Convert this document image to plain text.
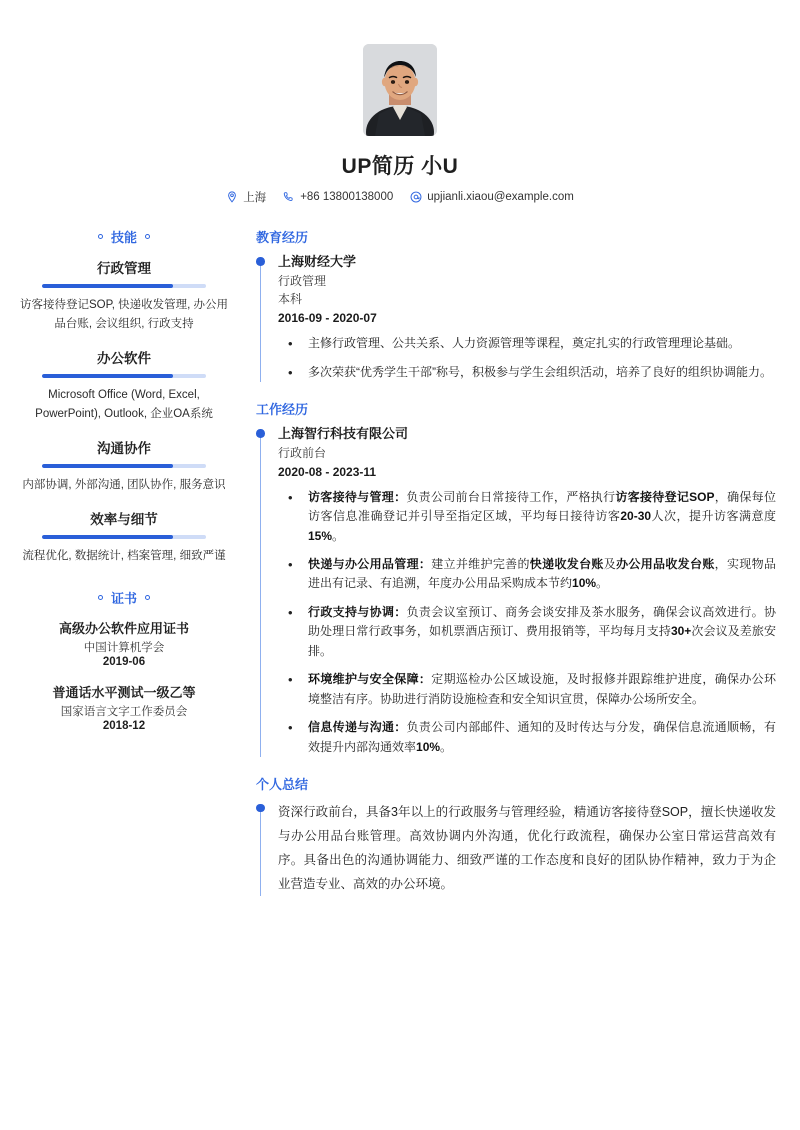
UP简历 小U
上海	+86 13800138000	upjianli.xiaou@example.com
技能
行政管理
访客接待登记SOP, 快递收发管理, 办公用品台账, 会议组织, 行政支持
办公软件
Microsoft Office (Word, Excel, PowerPoint), Outlook, 企业OA系统
沟通协作
内部协调, 外部沟通, 团队协作, 服务意识
效率与细节
流程优化, 数据统计, 档案管理, 细致严谨
证书
高级办公软件应用证书
中国计算机学会
2019-06
普通话水平测试一级乙等
国家语言文字工作委员会
2018-12
教育经历
上海财经大学
行政管理
本科
2016-09 - 2020-07
• 主修行政管理、公共关系、人力资源管理等课程，奠定扎实的行政管理理论基础。
• 多次荣获“优秀学生干部”称号，积极参与学生会组织活动，培养了良好的组织协调能力。
工作经历
上海智行科技有限公司
行政前台
2020-08 - 2023-11
• 访客接待与管理：负责公司前台日常接待工作，严格执行访客接待登记SOP，确保每位访客信息准确登记并引导至指定区域，平均每日接待访客20-30人次，提升访客满意度15%。
• 快递与办公用品管理：建立并维护完善的快递收发台账及办公用品收发台账，实现物品进出有记录、有追溯，年度办公用品采购成本节约10%。
• 行政支持与协调：负责会议室预订、商务会谈安排及茶水服务，确保会议高效进行。协助处理日常行政事务，如机票酒店预订、费用报销等，平均每月支持30+次会议及差旅安排。
• 环境维护与安全保障：定期巡检办公区域设施，及时报修并跟踪维护进度，确保办公环境整洁有序。协助进行消防设施检查和安全知识宣贯，保障办公场所安全。
• 信息传递与沟通：负责公司内部邮件、通知的及时传达与分发，确保信息流通顺畅，有效提升内部沟通效率10%。
个人总结
资深行政前台，具备3年以上的行政服务与管理经验，精通访客接待登SOP，擅长快递收发与办公用品台账管理。高效协调内外沟通，优化行政流程，确保办公室日常运营高效有序。具备出色的沟通协调能力、细致严谨的工作态度和良好的团队协作精神，致力于为企业营造专业、高效的办公环境。
